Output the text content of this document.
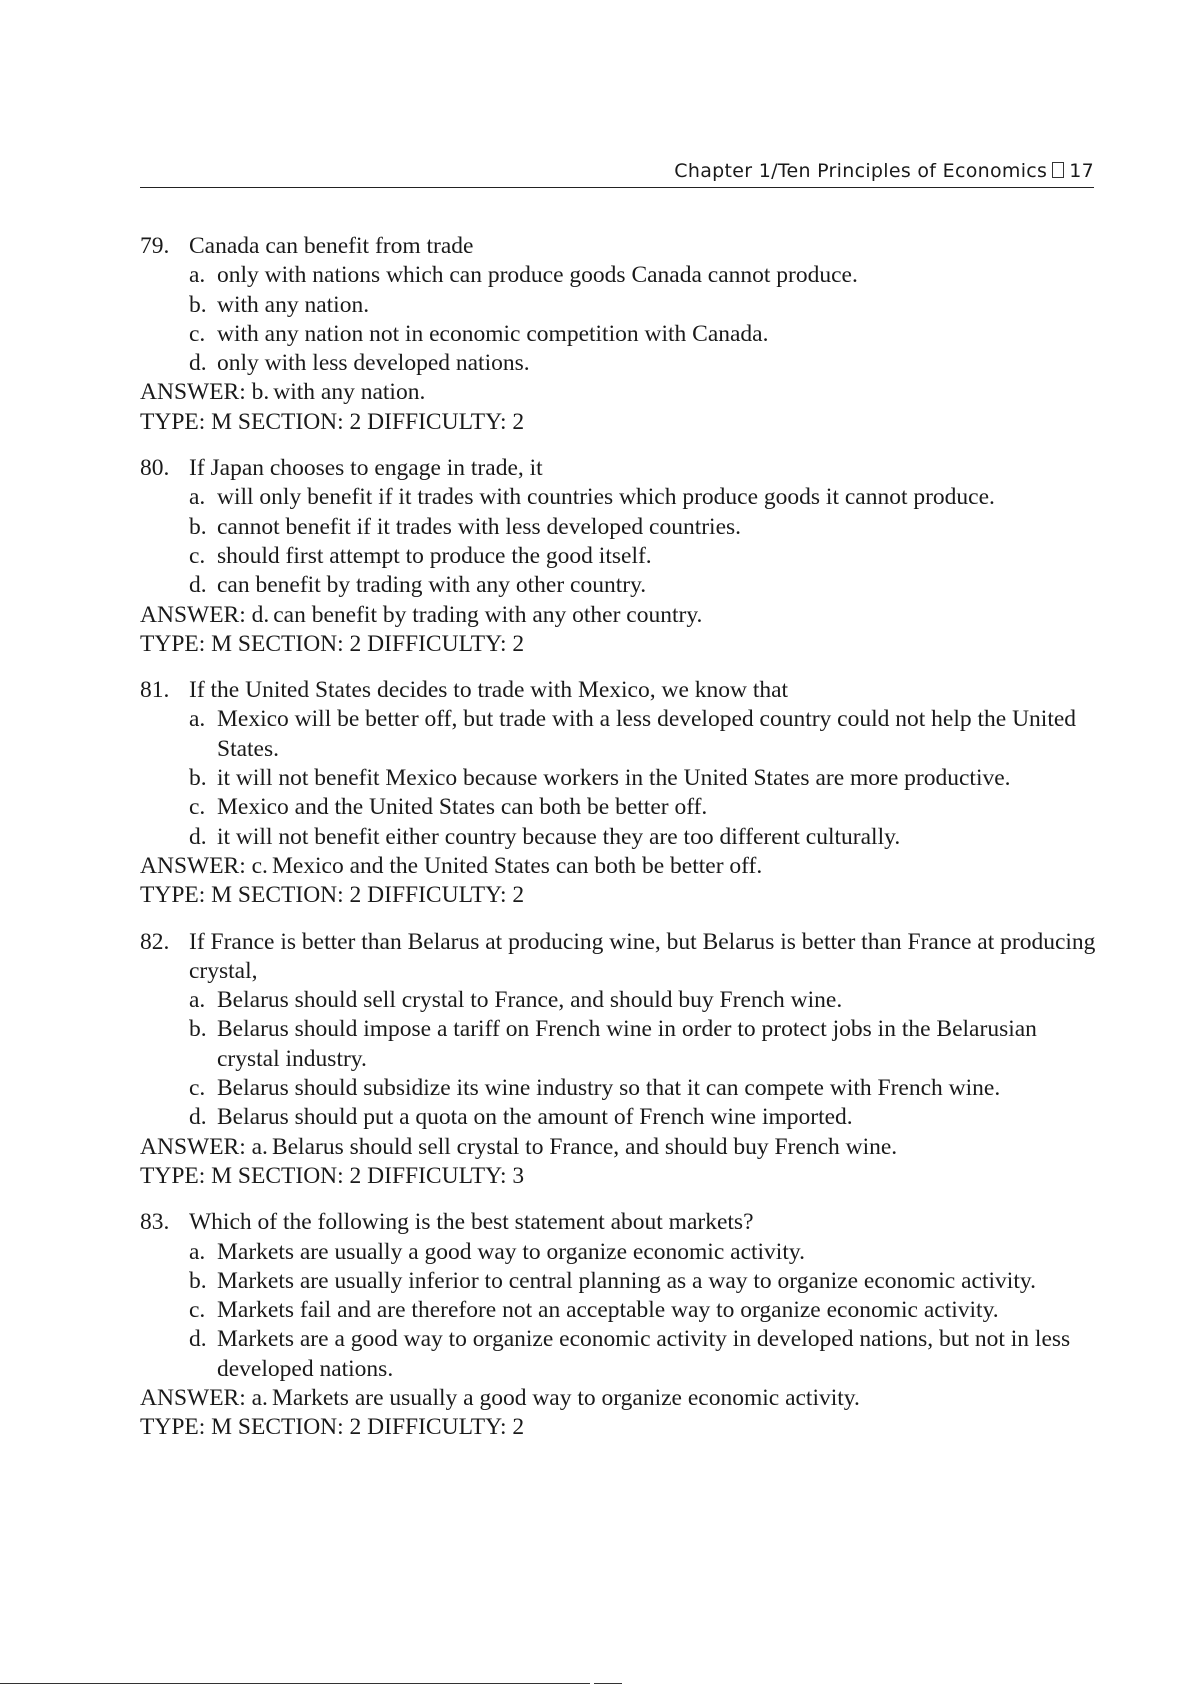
Chapter 1/Ten Principles of Economics 17
79. Canada can benefit from trade
a. only with nations which can produce goods Canada cannot produce.
b. with any nation.
c. with any nation not in economic competition with Canada.
d. only with less developed nations.
ANSWER: b. with any nation.
TYPE: M SECTION: 2 DIFFICULTY: 2
80. If Japan chooses to engage in trade, it
a. will only benefit if it trades with countries which produce goods it cannot produce.
b. cannot benefit if it trades with less developed countries.
c. should first attempt to produce the good itself.
d. can benefit by trading with any other country.
ANSWER: d. can benefit by trading with any other country.
TYPE: M SECTION: 2 DIFFICULTY: 2
81. If the United States decides to trade with Mexico, we know that
a. Mexico will be better off, but trade with a less developed country could not help the United States.
b. it will not benefit Mexico because workers in the United States are more productive.
c. Mexico and the United States can both be better off.
d. it will not benefit either country because they are too different culturally.
ANSWER: c. Mexico and the United States can both be better off.
TYPE: M SECTION: 2 DIFFICULTY: 2
82. If France is better than Belarus at producing wine, but Belarus is better than France at producing crystal,
a. Belarus should sell crystal to France, and should buy French wine.
b. Belarus should impose a tariff on French wine in order to protect jobs in the Belarusian crystal industry.
c. Belarus should subsidize its wine industry so that it can compete with French wine.
d. Belarus should put a quota on the amount of French wine imported.
ANSWER: a. Belarus should sell crystal to France, and should buy French wine.
TYPE: M SECTION: 2 DIFFICULTY: 3
83. Which of the following is the best statement about markets?
a. Markets are usually a good way to organize economic activity.
b. Markets are usually inferior to central planning as a way to organize economic activity.
c. Markets fail and are therefore not an acceptable way to organize economic activity.
d. Markets are a good way to organize economic activity in developed nations, but not in less developed nations.
ANSWER: a. Markets are usually a good way to organize economic activity.
TYPE: M SECTION: 2 DIFFICULTY: 2
